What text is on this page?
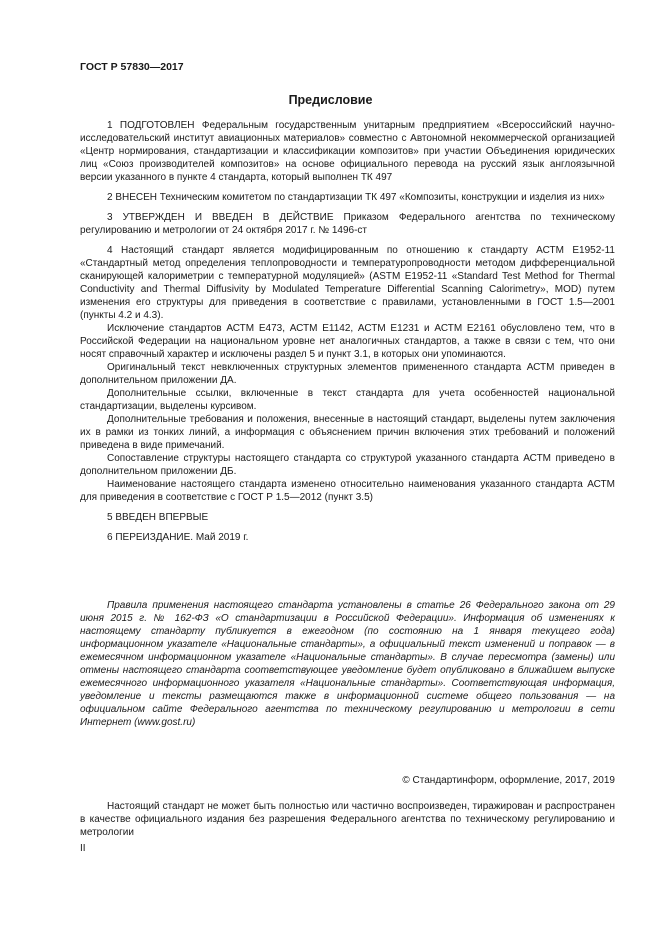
ГОСТ Р 57830—2017
Предисловие

1 ПОДГОТОВЛЕН Федеральным государственным унитарным предприятием «Всероссийский научно-исследовательский институт авиационных материалов» совместно с Автономной некоммерческой организацией «Центр нормирования, стандартизации и классификации композитов» при участии Объединения юридических лиц «Союз производителей композитов» на основе официального перевода на русский язык англоязычной версии указанного в пункте 4 стандарта, который выполнен ТК 497

2 ВНЕСЕН Техническим комитетом по стандартизации ТК 497 «Композиты, конструкции и изделия из них»

3 УТВЕРЖДЕН И ВВЕДЕН В ДЕЙСТВИЕ Приказом Федерального агентства по техническому регулированию и метрологии от 24 октября 2017 г. № 1496-ст

4 Настоящий стандарт является модифицированным по отношению к стандарту АСТМ Е1952-11 «Стандартный метод определения теплопроводности и температуропроводности методом дифференциальной сканирующей калориметрии с температурной модуляцией» (ASTM E1952-11 «Standard Test Method for Thermal Conductivity and Thermal Diffusivity by Modulated Temperature Differential Scanning Calorimetry», MOD) путем изменения его структуры для приведения в соответствие с правилами, установленными в ГОСТ 1.5—2001 (пункты 4.2 и 4.3).

Исключение стандартов АСТМ Е473, АСТМ Е1142, АСТМ Е1231 и АСТМ Е2161 обусловлено тем, что в Российской Федерации на национальном уровне нет аналогичных стандартов, а также в связи с тем, что они носят справочный характер и исключены раздел 5 и пункт 3.1, в которых они упоминаются.

Оригинальный текст невключенных структурных элементов примененного стандарта АСТМ приведен в дополнительном приложении ДА.

Дополнительные ссылки, включенные в текст стандарта для учета особенностей национальной стандартизации, выделены курсивом.

Дополнительные требования и положения, внесенные в настоящий стандарт, выделены путем заключения их в рамки из тонких линий, а информация с объяснением причин включения этих требований и положений приведена в виде примечаний.

Сопоставление структуры настоящего стандарта со структурой указанного стандарта АСТМ приведено в дополнительном приложении ДБ.

Наименование настоящего стандарта изменено относительно наименования указанного стандарта АСТМ для приведения в соответствие с ГОСТ Р 1.5—2012 (пункт 3.5)

5 ВВЕДЕН ВПЕРВЫЕ

6 ПЕРЕИЗДАНИЕ. Май 2019 г.

Правила применения настоящего стандарта установлены в статье 26 Федерального закона от 29 июня 2015 г. № 162-ФЗ «О стандартизации в Российской Федерации». Информация об изменениях к настоящему стандарту публикуется в ежегодном (по состоянию на 1 января текущего года) информационном указателе «Национальные стандарты», а официальный текст изменений и поправок — в ежемесячном информационном указателе «Национальные стандарты». В случае пересмотра (замены) или отмены настоящего стандарта соответствующее уведомление будет опубликовано в ближайшем выпуске ежемесячного информационного указателя «Национальные стандарты». Соответствующая информация, уведомление и тексты размещаются также в информационной системе общего пользования — на официальном сайте Федерального агентства по техническому регулированию и метрологии в сети Интернет (www.gost.ru)

© Стандартинформ, оформление, 2017, 2019

Настоящий стандарт не может быть полностью или частично воспроизведен, тиражирован и распространен в качестве официального издания без разрешения Федерального агентства по техническому регулированию и метрологии

II
